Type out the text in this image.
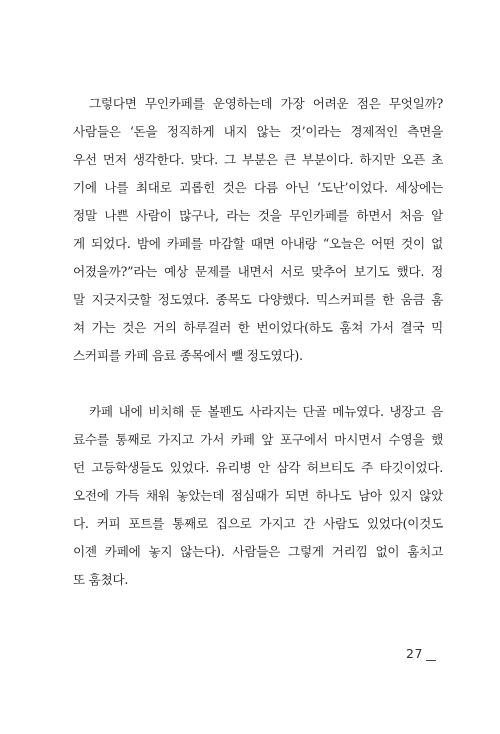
그렇다면 무인카페를 운영하는데 가장 어려운 점은 무엇일까?
사람들은 ‘돈을 정직하게 내지 않는 것’이라는 경제적인 측면을
우선 먼저 생각한다. 맞다. 그 부분은 큰 부분이다. 하지만 오픈 초
기에 나를 최대로 괴롭힌 것은 다름 아닌 ‘도난’이었다. 세상에는
정말 나쁜 사람이 많구나, 라는 것을 무인카페를 하면서 처음 알
게 되었다. 밤에 카페를 마감할 때면 아내랑 “오늘은 어떤 것이 없
어졌을까?”라는 예상 문제를 내면서 서로 맞추어 보기도 했다. 정
말 지긋지긋할 정도였다. 종목도 다양했다. 믹스커피를 한 움큼 훔
쳐 가는 것은 거의 하루걸러 한 번이었다(하도 훔쳐 가서 결국 믹
스커피를 카페 음료 종목에서 뺄 정도였다).
카페 내에 비치해 둔 볼펜도 사라지는 단골 메뉴였다. 냉장고 음
료수를 통째로 가지고 가서 카페 앞 포구에서 마시면서 수영을 했
던 고등학생들도 있었다. 유리병 안 삼각 허브티도 주 타깃이었다.
오전에 가득 채워 놓았는데 점심때가 되면 하나도 남아 있지 않았
다. 커피 포트를 통째로 집으로 가지고 간 사람도 있었다(이것도
이젠 카페에 놓지 않는다). 사람들은 그렇게 거리낌 없이 훔치고
또 훔쳤다.
27
